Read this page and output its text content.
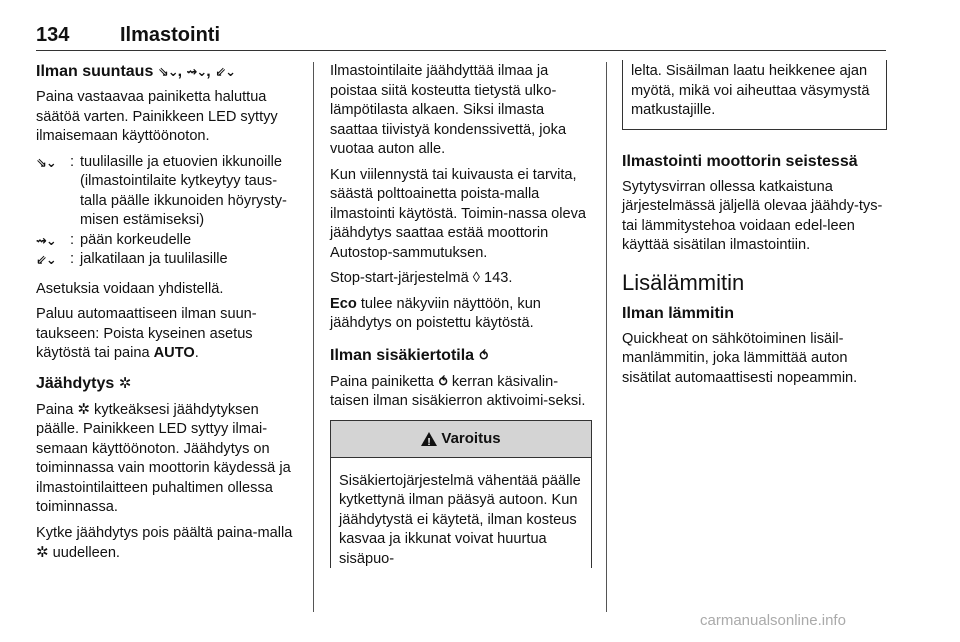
134	Ilmastointi
Ilman suuntaus ⇘⌄, ⇝⌄, ⇙⌄

Paina vastaavaa painiketta haluttua säätöä varten. Painikkeen LED syttyy ilmaisemaan käyttöönoton.

⇘⌄ : tuulilasille ja etuovien ikkunoille (ilmastointilaite kytkeytyy taus-talla päälle ikkunoiden höyrysty-misen estämiseksi)
⇝⌄ : pään korkeudelle
⇙⌄ : jalkatilaan ja tuulilasille

Asetuksia voidaan yhdistellä.

Paluu automaattiseen ilman suun-taukseen: Poista kyseinen asetus käytöstä tai paina AUTO.

Jäähdytys ✲

Paina ✲ kytkeäksesi jäähdytyksen päälle. Painikkeen LED syttyy ilmai-semaan käyttöönoton. Jäähdytys on toiminnassa vain moottorin käydessä ja ilmastointilaitteen puhaltimen ollessa toiminnassa.

Kytke jäähdytys pois päältä paina-malla ✲ uudelleen.

Ilmastointilaite jäähdyttää ilmaa ja poistaa siitä kosteutta tietystä ulko-lämpötilasta alkaen. Siksi ilmasta saattaa tiivistyä kondenssivettä, joka vuotaa auton alle.

Kun viilennystä tai kuivausta ei tarvita, säästä polttoainetta poista-malla ilmastointi käytöstä. Toimin-nassa oleva jäähdytys saattaa estää moottorin Autostop-sammutuksen.

Stop-start-järjestelmä ◊ 143.

Eco tulee näkyviin näyttöön, kun jäähdytys on poistettu käytöstä.

Ilman sisäkiertotila ⥀

Paina painiketta ⥀ kerran käsivalin-taisen ilman sisäkierron aktivoimi-seksi.

!
Varoitus
Sisäkiertojärjestelmä vähentää päälle kytkettynä ilman pääsyä autoon. Kun jäähdytystä ei käytetä, ilman kosteus kasvaa ja ikkunat voivat huurtua sisäpuo-
lelta. Sisäilman laatu heikkenee ajan myötä, mikä voi aiheuttaa väsymystä matkustajille.
Ilmastointi moottorin seistessä

Sytytysvirran ollessa katkaistuna järjestelmässä jäljellä olevaa jäähdy-tys- tai lämmitystehoa voidaan edel-leen käyttää sisätilan ilmastointiin.

Lisälämmitin
Ilman lämmitin

Quickheat on sähkötoiminen lisäil-manlämmitin, joka lämmittää auton sisätilat automaattisesti nopeammin.

carmanualsonline.info
